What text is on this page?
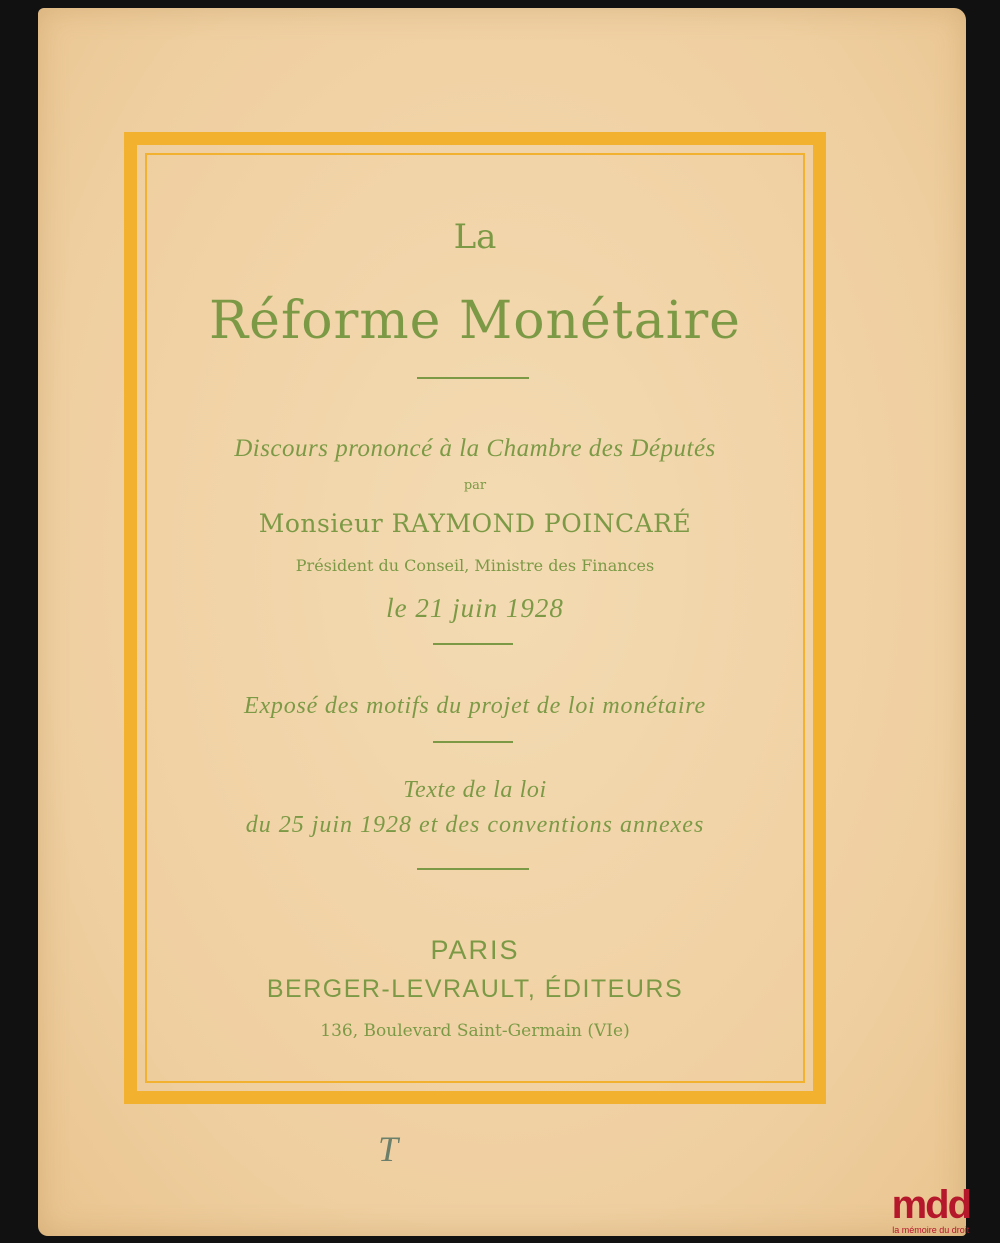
La
Réforme Monétaire
Discours prononcé à la Chambre des Députés
par
Monsieur RAYMOND POINCARÉ
Président du Conseil, Ministre des Finances
le 21 juin 1928
Exposé des motifs du projet de loi monétaire
Texte de la loi
du 25 juin 1928 et des conventions annexes
PARIS
BERGER-LEVRAULT, ÉDITEURS
136, Boulevard Saint-Germain (VIe)
T
mdd
la mémoire du droit
